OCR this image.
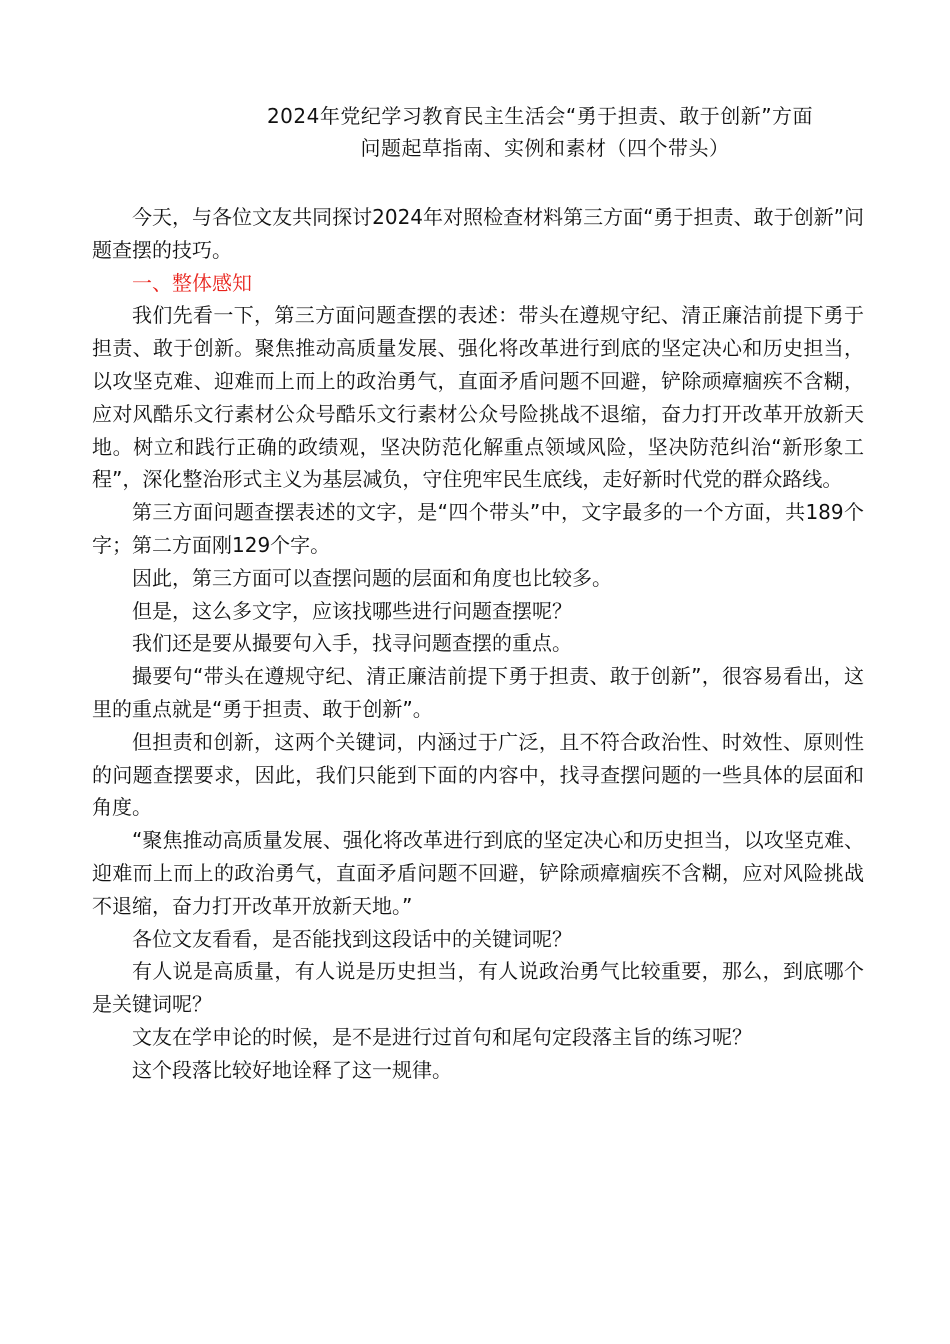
2024年党纪学习教育民主生活会“勇于担责、敢于创新”方面
问题起草指南、实例和素材（四个带头）

今天，与各位文友共同探讨2024年对照检查材料第三方面“勇于担责、敢于创新”问题查摆的技巧。

一、整体感知

我们先看一下，第三方面问题查摆的表述：带头在遵规守纪、清正廉洁前提下勇于担责、敢于创新。聚焦推动高质量发展、强化将改革进行到底的坚定决心和历史担当，以攻坚克难、迎难而上而上的政治勇气，直面矛盾问题不回避，铲除顽瘴痼疾不含糊，应对风酷乐文行素材公众号酷乐文行素材公众号险挑战不退缩，奋力打开改革开放新天地。树立和践行正确的政绩观，坚决防范化解重点领域风险，坚决防范纠治“新形象工程”，深化整治形式主义为基层减负，守住兜牢民生底线，走好新时代党的群众路线。

第三方面问题查摆表述的文字，是“四个带头”中，文字最多的一个方面，共189个字；第二方面刚129个字。

因此，第三方面可以查摆问题的层面和角度也比较多。

但是，这么多文字，应该找哪些进行问题查摆呢？

我们还是要从撮要句入手，找寻问题查摆的重点。

撮要句“带头在遵规守纪、清正廉洁前提下勇于担责、敢于创新”，很容易看出，这里的重点就是“勇于担责、敢于创新”。

但担责和创新，这两个关键词，内涵过于广泛，且不符合政治性、时效性、原则性的问题查摆要求，因此，我们只能到下面的内容中，找寻查摆问题的一些具体的层面和角度。

“聚焦推动高质量发展、强化将改革进行到底的坚定决心和历史担当，以攻坚克难、迎难而上而上的政治勇气，直面矛盾问题不回避，铲除顽瘴痼疾不含糊，应对风险挑战不退缩，奋力打开改革开放新天地。”

各位文友看看，是否能找到这段话中的关键词呢？

有人说是高质量，有人说是历史担当，有人说政治勇气比较重要，那么，到底哪个是关键词呢？

文友在学申论的时候，是不是进行过首句和尾句定段落主旨的练习呢？

这个段落比较好地诠释了这一规律。
